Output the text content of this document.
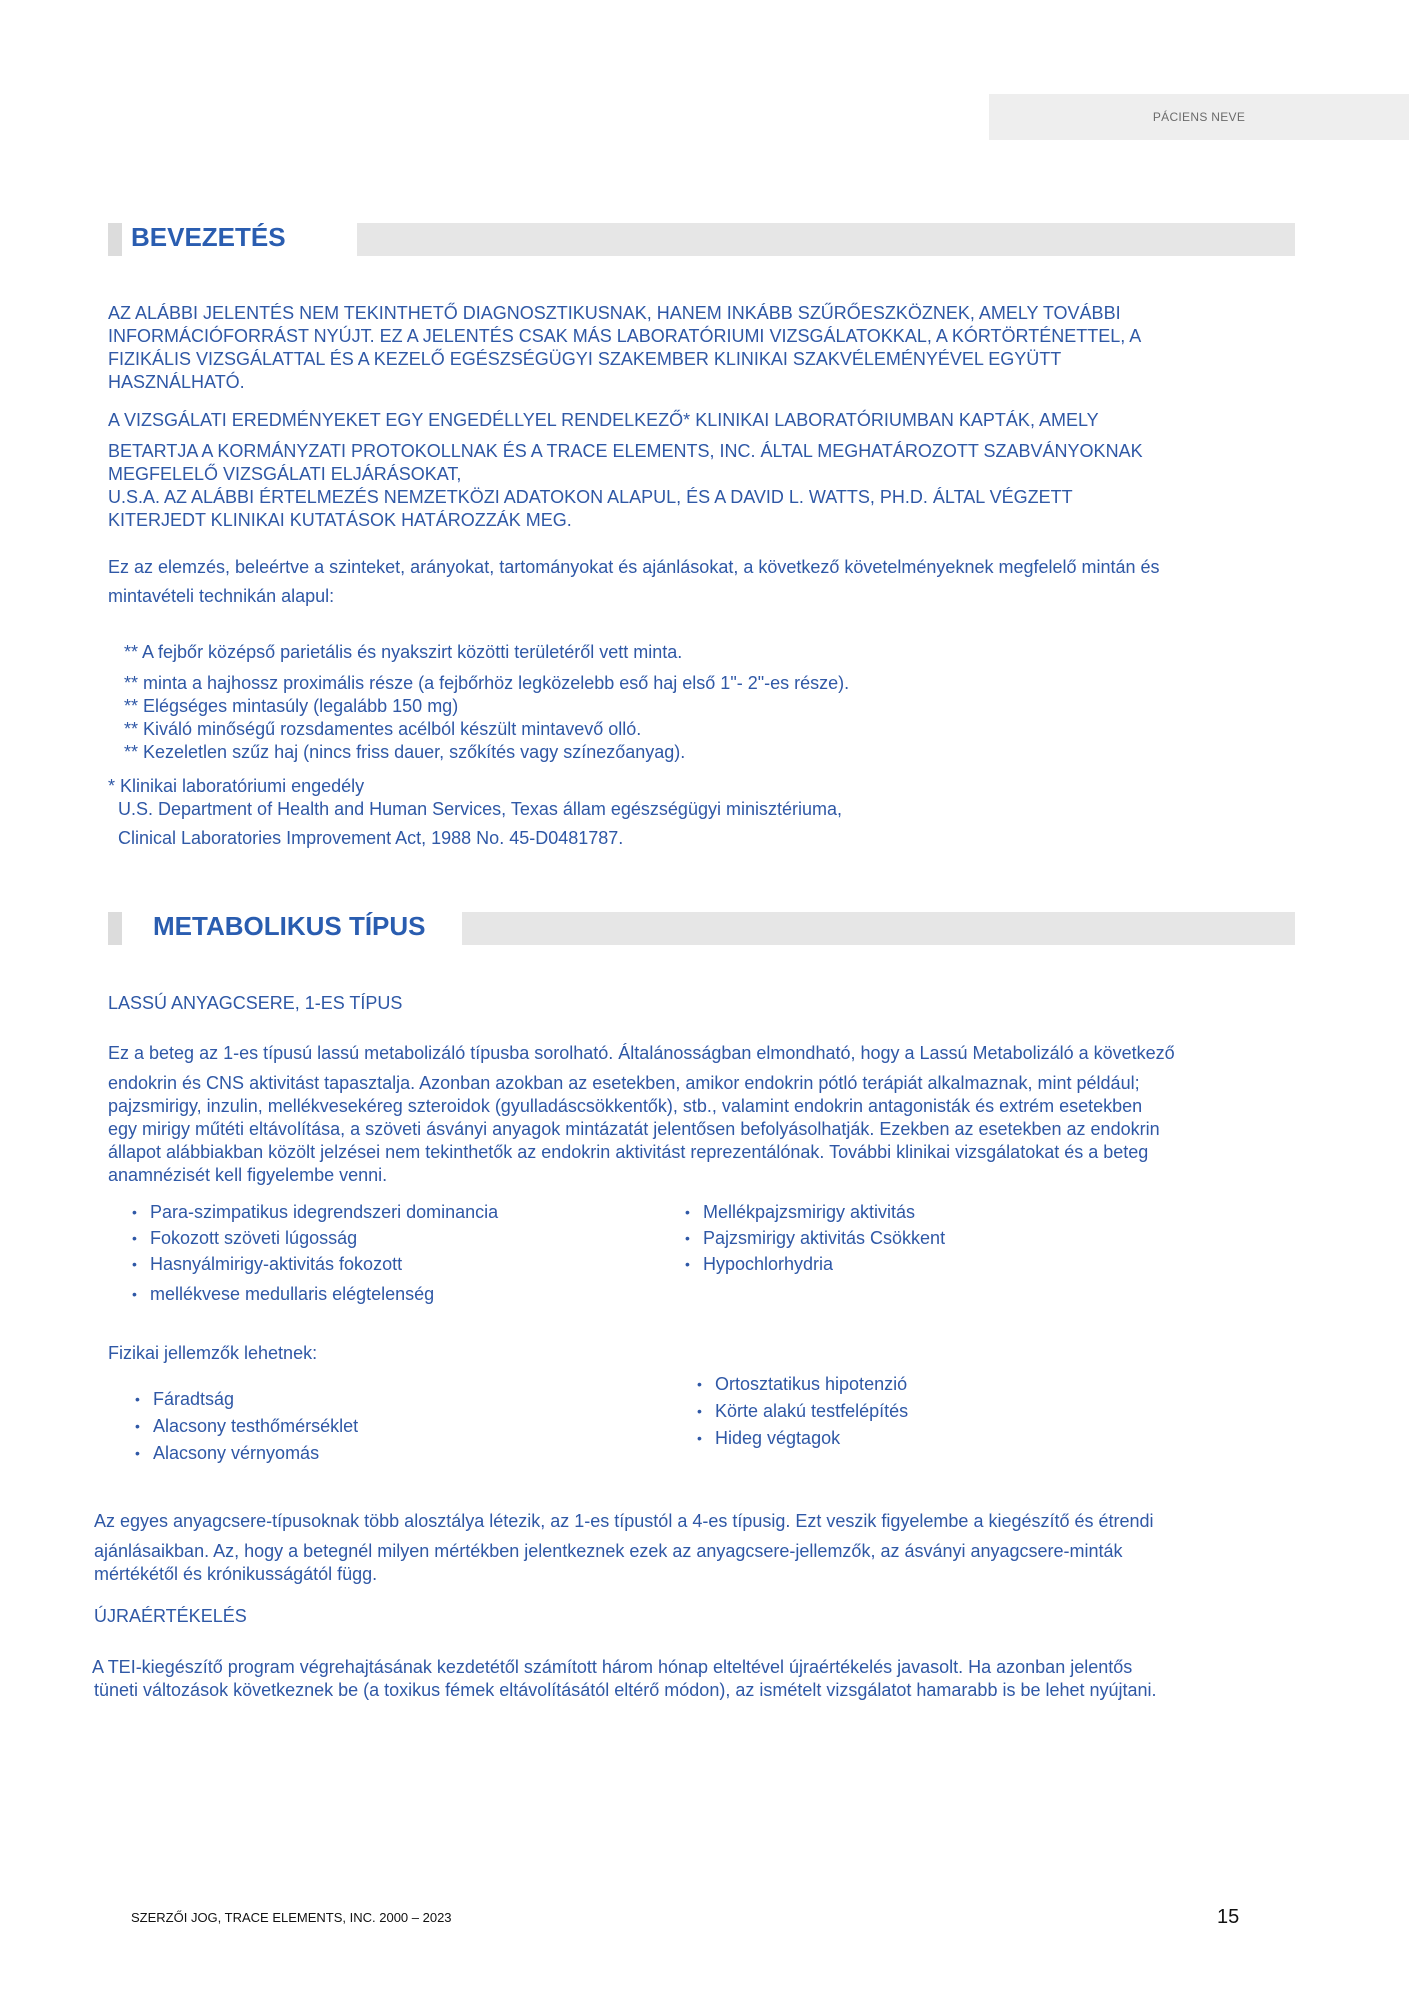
PÁCIENS NEVE
BEVEZETÉS
AZ ALÁBBI JELENTÉS NEM TEKINTHETŐ DIAGNOSZTIKUSNAK, HANEM INKÁBB SZŰRŐESZKÖZNEK, AMELY TOVÁBBI
INFORMÁCIÓFORRÁST NYÚJT. EZ A JELENTÉS CSAK MÁS LABORATÓRIUMI VIZSGÁLATOKKAL, A KÓRTÖRTÉNETTEL, A
FIZIKÁLIS VIZSGÁLATTAL ÉS A KEZELŐ EGÉSZSÉGÜGYI SZAKEMBER KLINIKAI SZAKVÉLEMÉNYÉVEL EGYÜTT
HASZNÁLHATÓ.
A VIZSGÁLATI EREDMÉNYEKET EGY ENGEDÉLLYEL RENDELKEZŐ* KLINIKAI LABORATÓRIUMBAN KAPTÁK, AMELY
BETARTJA A KORMÁNYZATI PROTOKOLLNAK ÉS A TRACE ELEMENTS, INC. ÁLTAL MEGHATÁROZOTT SZABVÁNYOKNAK
MEGFELELŐ VIZSGÁLATI ELJÁRÁSOKAT,
U.S.A. AZ ALÁBBI ÉRTELMEZÉS NEMZETKÖZI ADATOKON ALAPUL, ÉS A DAVID L. WATTS, PH.D. ÁLTAL VÉGZETT
KITERJEDT KLINIKAI KUTATÁSOK HATÁROZZÁK MEG.
Ez az elemzés, beleértve a szinteket, arányokat, tartományokat és ajánlásokat, a következő követelményeknek megfelelő mintán és
mintavételi technikán alapul:
** A fejbőr középső parietális és nyakszirt közötti területéről vett minta.
** minta a hajhossz proximális része (a fejbőrhöz legközelebb eső haj első 1"- 2"-es része).
** Elégséges mintasúly (legalább 150 mg)
** Kiváló minőségű rozsdamentes acélból készült mintavevő olló.
** Kezeletlen szűz haj (nincs friss dauer, szőkítés vagy színezőanyag).
* Klinikai laboratóriumi engedély
U.S. Department of Health and Human Services, Texas állam egészségügyi minisztériuma,
Clinical Laboratories Improvement Act, 1988 No. 45-D0481787.
METABOLIKUS TÍPUS
LASSÚ ANYAGCSERE, 1-ES TÍPUS
Ez a beteg az 1-es típusú lassú metabolizáló típusba sorolható. Általánosságban elmondható, hogy a Lassú Metabolizáló a következő
endokrin és CNS aktivitást tapasztalja. Azonban azokban az esetekben, amikor endokrin pótló terápiát alkalmaznak, mint például;
pajzsmirigy, inzulin, mellékvesekéreg szteroidok (gyulladáscsökkentők), stb., valamint endokrin antagonisták és extrém esetekben
egy mirigy műtéti eltávolítása, a szöveti ásványi anyagok mintázatát jelentősen befolyásolhatják. Ezekben az esetekben az endokrin
állapot alábbiakban közölt jelzései nem tekinthetők az endokrin aktivitást reprezentálónak. További klinikai vizsgálatokat és a beteg
anamnézisét kell figyelembe venni.
• Para-szimpatikus idegrendszeri dominancia
• Fokozott szöveti lúgosság
• Hasnyálmirigy-aktivitás fokozott
• mellékvese medullaris elégtelenség
• Mellékpajzsmirigy aktivitás
• Pajzsmirigy aktivitás Csökkent
• Hypochlorhydria
Fizikai jellemzők lehetnek:
• Fáradtság
• Alacsony testhőmérséklet
• Alacsony vérnyomás
• Ortosztatikus hipotenzió
• Körte alakú testfelépítés
• Hideg végtagok
Az egyes anyagcsere-típusoknak több alosztálya létezik, az 1-es típustól a 4-es típusig. Ezt veszik figyelembe a kiegészítő és étrendi
ajánlásaikban. Az, hogy a betegnél milyen mértékben jelentkeznek ezek az anyagcsere-jellemzők, az ásványi anyagcsere-minták
mértékétől és krónikusságától függ.
ÚJRAÉRTÉKELÉS
A TEI-kiegészítő program végrehajtásának kezdetétől számított három hónap elteltével újraértékelés javasolt. Ha azonban jelentős
tüneti változások következnek be (a toxikus fémek eltávolításától eltérő módon), az ismételt vizsgálatot hamarabb is be lehet nyújtani.
SZERZŐI JOG, TRACE ELEMENTS, INC. 2000 – 2023	15
